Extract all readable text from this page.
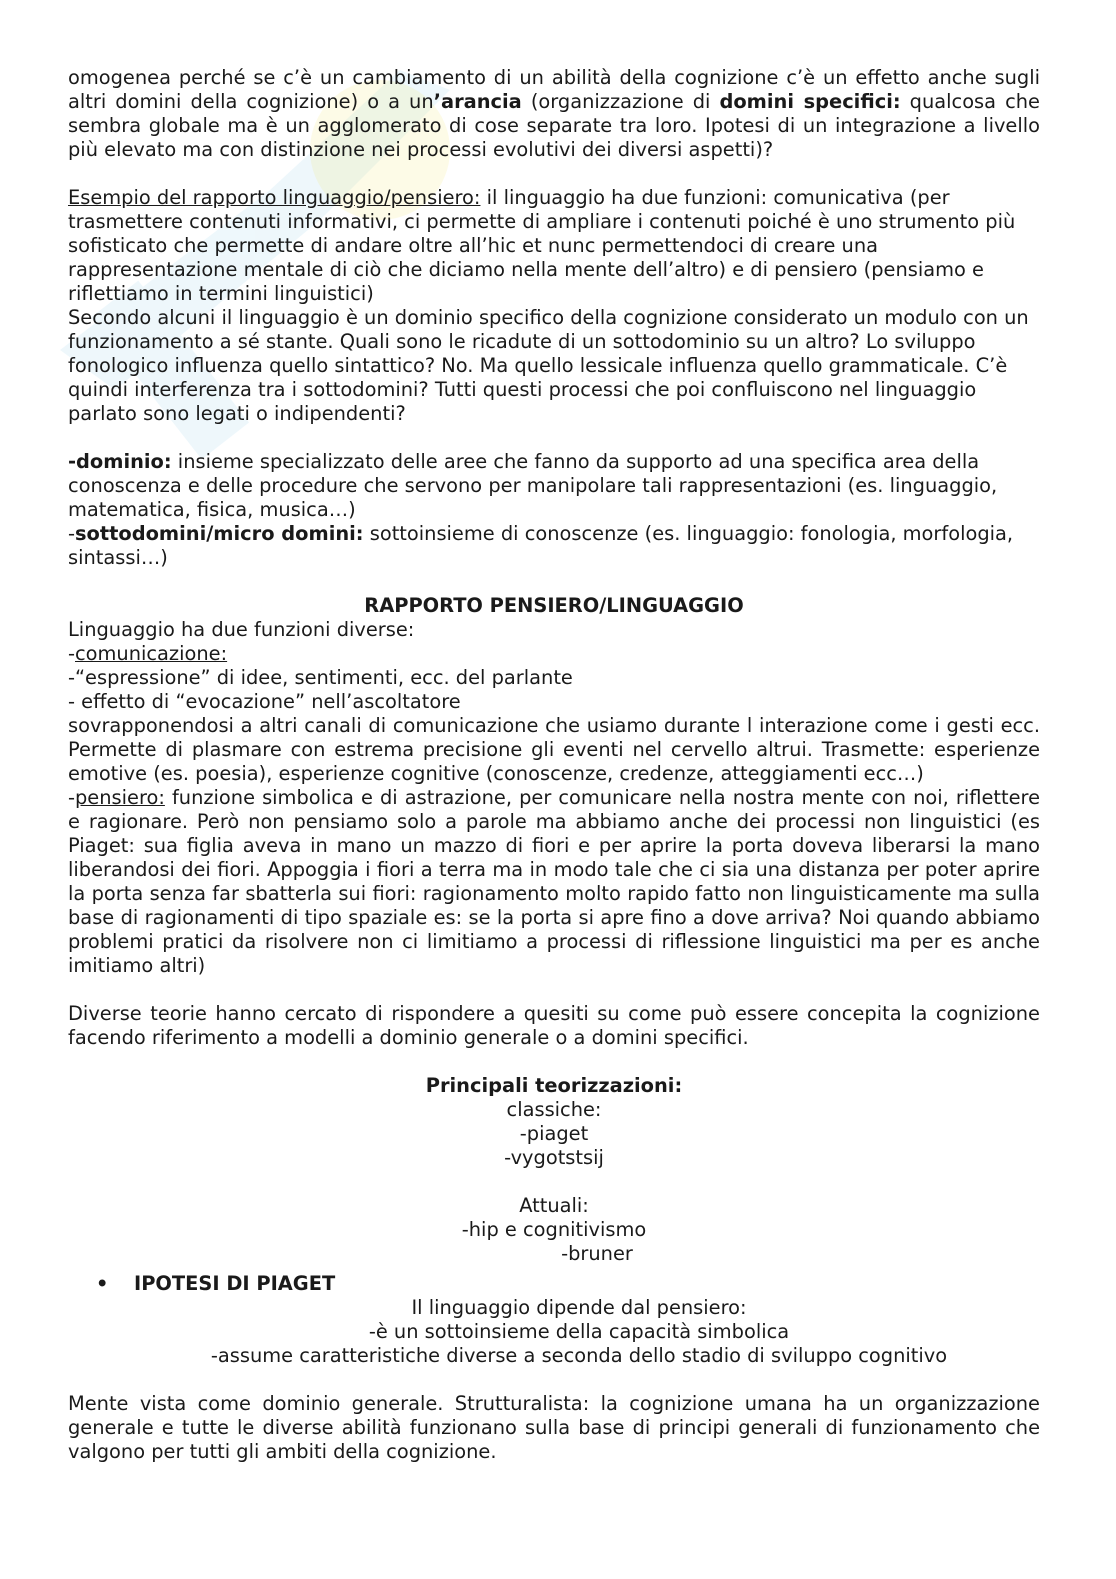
omogenea perché se c’è un cambiamento di un abilità della cognizione c’è un effetto anche sugli altri domini della cognizione) o a un’arancia (organizzazione di domini specifici: qualcosa che sembra globale ma è un agglomerato di cose separate tra loro. Ipotesi di un integrazione a livello più elevato ma con distinzione nei processi evolutivi dei diversi aspetti)?

Esempio del rapporto linguaggio/pensiero: il linguaggio ha due funzioni: comunicativa (per trasmettere contenuti informativi, ci permette di ampliare i contenuti poiché è uno strumento più sofisticato che permette di andare oltre all’hic et nunc permettendoci di creare una rappresentazione mentale di ciò che diciamo nella mente dell’altro) e di pensiero (pensiamo e riflettiamo in termini linguistici)

Secondo alcuni il linguaggio è un dominio specifico della cognizione considerato un modulo con un funzionamento a sé stante. Quali sono le ricadute di un sottodominio su un altro? Lo sviluppo fonologico influenza quello sintattico? No. Ma quello lessicale influenza quello grammaticale. C’è quindi interferenza tra i sottodomini? Tutti questi processi che poi confluiscono nel linguaggio parlato sono legati o indipendenti?

-dominio: insieme specializzato delle aree che fanno da supporto ad una specifica area della conoscenza e delle procedure che servono per manipolare tali rappresentazioni (es. linguaggio, matematica, fisica, musica…)

-sottodomini/micro domini: sottoinsieme di conoscenze (es. linguaggio: fonologia, morfologia, sintassi…)

RAPPORTO PENSIERO/LINGUAGGIO

Linguaggio ha due funzioni diverse:

-comunicazione:

-“espressione” di idee, sentimenti, ecc. del parlante

- effetto di “evocazione” nell’ascoltatore

sovrapponendosi a altri canali di comunicazione che usiamo durante l interazione come i gesti ecc. Permette di plasmare con estrema precisione gli eventi nel cervello altrui. Trasmette: esperienze emotive (es. poesia), esperienze cognitive (conoscenze, credenze, atteggiamenti ecc…)

-pensiero: funzione simbolica e di astrazione, per comunicare nella nostra mente con noi, riflettere e ragionare. Però non pensiamo solo a parole ma abbiamo anche dei processi non linguistici (es Piaget: sua figlia aveva in mano un mazzo di fiori e per aprire la porta doveva liberarsi la mano liberandosi dei fiori. Appoggia i fiori a terra ma in modo tale che ci sia una distanza per poter aprire la porta senza far sbatterla sui fiori: ragionamento molto rapido fatto non linguisticamente ma sulla base di ragionamenti di tipo spaziale es: se la porta si apre fino a dove arriva? Noi quando abbiamo problemi pratici da risolvere non ci limitiamo a processi di riflessione linguistici ma per es anche imitiamo altri)

Diverse teorie hanno cercato di rispondere a quesiti su come può essere concepita la cognizione facendo riferimento a modelli a dominio generale o a domini specifici.

Principali teorizzazioni:

classiche:

-piaget

-vygotstsij

Attuali:

-hip e cognitivismo

-bruner

• IPOTESI DI PIAGET

Il linguaggio dipende dal pensiero:

-è un sottoinsieme della capacità simbolica

-assume caratteristiche diverse a seconda dello stadio di sviluppo cognitivo

Mente vista come dominio generale. Strutturalista: la cognizione umana ha un organizzazione generale e tutte le diverse abilità funzionano sulla base di principi generali di funzionamento che valgono per tutti gli ambiti della cognizione.
